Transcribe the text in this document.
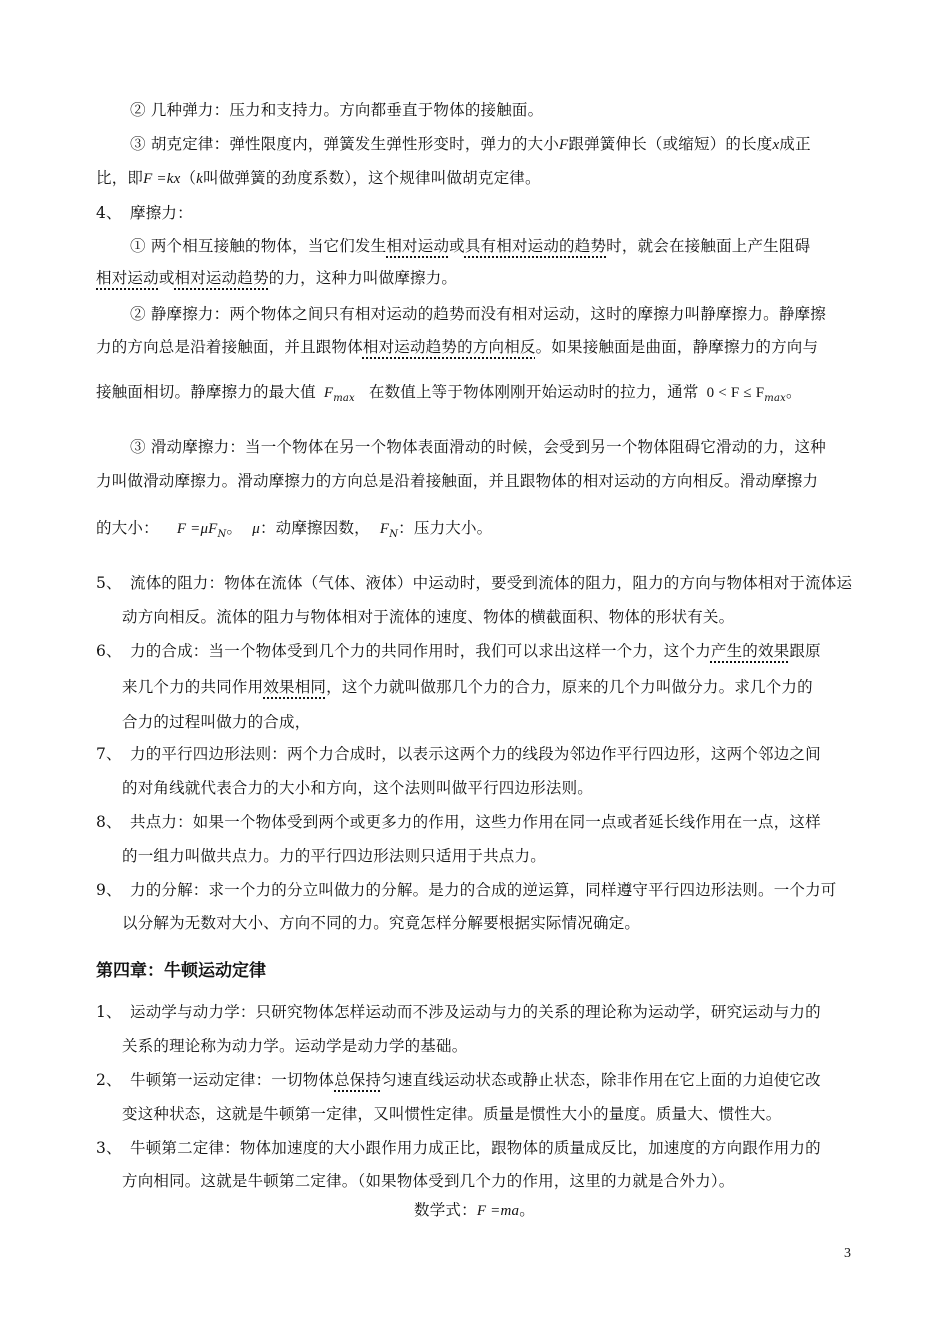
② 几种弹力：压力和支持力。方向都垂直于物体的接触面。
③ 胡克定律：弹性限度内，弹簧发生弹性形变时，弹力的大小F跟弹簧伸长（或缩短）的长度x成正
比，即F =kx（k叫做弹簧的劲度系数），这个规律叫做胡克定律。
4、 摩擦力：
① 两个相互接触的物体，当它们发生相对运动或具有相对运动的趋势时，就会在接触面上产生阻碍
相对运动或相对运动趋势的力，这种力叫做摩擦力。
② 静摩擦力：两个物体之间只有相对运动的趋势而没有相对运动，这时的摩擦力叫静摩擦力。静摩擦
力的方向总是沿着接触面，并且跟物体相对运动趋势的方向相反。如果接触面是曲面，静摩擦力的方向与
接触面相切。静摩擦力的最大值 $F_{max}$ 在数值上等于物体刚刚开始运动时的拉力，通常 $0 < F \le F_{max}$。
③ 滑动摩擦力：当一个物体在另一个物体表面滑动的时候，会受到另一个物体阻碍它滑动的力，这种
力叫做滑动摩擦力。滑动摩擦力的方向总是沿着接触面，并且跟物体的相对运动的方向相反。滑动摩擦力
的大小： $F =\mu F_N$。 μ：动摩擦因数， $F_N$：压力大小。
5、 流体的阻力：物体在流体（气体、液体）中运动时，要受到流体的阻力，阻力的方向与物体相对于流体运
动方向相反。流体的阻力与物体相对于流体的速度、物体的横截面积、物体的形状有关。
6、 力的合成：当一个物体受到几个力的共同作用时，我们可以求出这样一个力，这个力产生的效果跟原
来几个力的共同作用效果相同，这个力就叫做那几个力的合力，原来的几个力叫做分力。求几个力的
合力的过程叫做力的合成，
7、 力的平行四边形法则：两个力合成时，以表示这两个力的线段为邻边作平行四边形，这两个邻边之间
的对角线就代表合力的大小和方向，这个法则叫做平行四边形法则。
8、 共点力：如果一个物体受到两个或更多力的作用，这些力作用在同一点或者延长线作用在一点，这样
的一组力叫做共点力。力的平行四边形法则只适用于共点力。
9、 力的分解：求一个力的分立叫做力的分解。是力的合成的逆运算，同样遵守平行四边形法则。一个力可
以分解为无数对大小、方向不同的力。究竟怎样分解要根据实际情况确定。
第四章：牛顿运动定律
1、 运动学与动力学：只研究物体怎样运动而不涉及运动与力的关系的理论称为运动学，研究运动与力的
关系的理论称为动力学。运动学是动力学的基础。
2、 牛顿第一运动定律：一切物体总保持匀速直线运动状态或静止状态，除非作用在它上面的力迫使它改
变这种状态，这就是牛顿第一定律，又叫惯性定律。质量是惯性大小的量度。质量大、惯性大。
3、 牛顿第二定律：物体加速度的大小跟作用力成正比，跟物体的质量成反比，加速度的方向跟作用力的
方向相同。这就是牛顿第二定律。（如果物体受到几个力的作用，这里的力就是合外力）。
数学式：F =ma。
3
